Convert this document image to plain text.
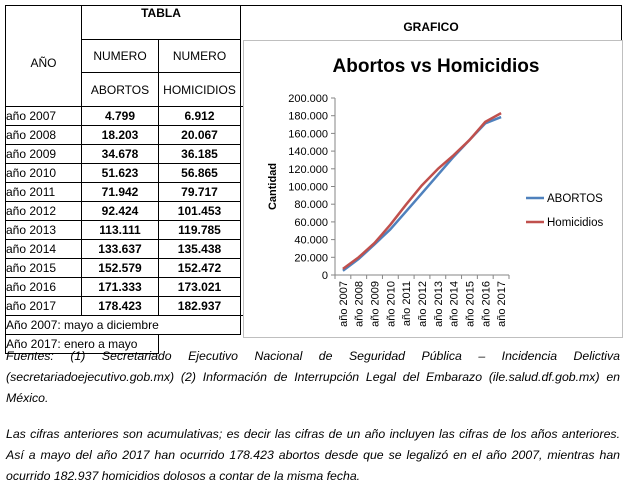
AÑO	TABLA		GRAFICO
	NUMERO	NUMERO	
	ABORTOS	HOMICIDIOS	
año 2007	4.799	6.912	
año 2008	18.203	20.067	
año 2009	34.678	36.185	
año 2010	51.623	56.865	
año 2011	71.942	79.717	
año 2012	92.424	101.453	
año 2013	113.111	119.785	
año 2014	133.637	135.438	
año 2015	152.579	152.472	
año 2016	171.333	173.021	
año 2017	178.423	182.937	
Año 2007: mayo a diciembre			
Año 2017: enero a mayo			
Abortos vs Homicidios
Cantidad
0
20.000
40.000
60.000
80.000
100.000
120.000
140.000
160.000
180.000
200.000
año 2007 año 2008 año 2009 año 2010 año 2011 año 2012 año 2013 año 2014 año 2015 año 2016 año 2017
ABORTOS
Homicidios
Fuentes: (1) Secretariado Ejecutivo Nacional de Seguridad Pública – Incidencia Delictiva (secretariadoejecutivo.gob.mx) (2) Información de Interrupción Legal del Embarazo (ile.salud.df.gob.mx) en México.
Las cifras anteriores son acumulativas; es decir las cifras de un año incluyen las cifras de los años anteriores. Así a mayo del año 2017 han ocurrido 178.423 abortos desde que se legalizó en el año 2007, mientras han ocurrido 182.937 homicidios dolosos a contar de la misma fecha.
